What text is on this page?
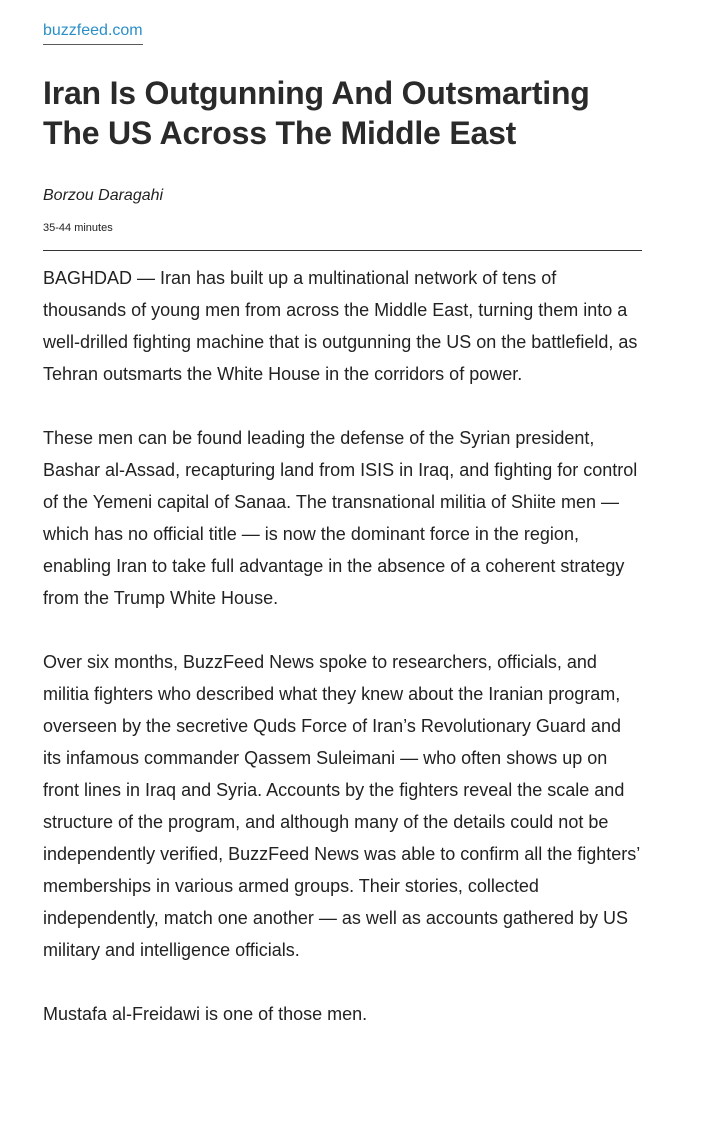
buzzfeed.com
Iran Is Outgunning And Outsmarting The US Across The Middle East
Borzou Daragahi
35-44 minutes

BAGHDAD — Iran has built up a multinational network of tens of thousands of young men from across the Middle East, turning them into a well-drilled fighting machine that is outgunning the US on the battlefield, as Tehran outsmarts the White House in the corridors of power.

These men can be found leading the defense of the Syrian president, Bashar al-Assad, recapturing land from ISIS in Iraq, and fighting for control of the Yemeni capital of Sanaa. The transnational militia of Shiite men — which has no official title — is now the dominant force in the region, enabling Iran to take full advantage in the absence of a coherent strategy from the Trump White House.

Over six months, BuzzFeed News spoke to researchers, officials, and militia fighters who described what they knew about the Iranian program, overseen by the secretive Quds Force of Iran’s Revolutionary Guard and its infamous commander Qassem Suleimani — who often shows up on front lines in Iraq and Syria. Accounts by the fighters reveal the scale and structure of the program, and although many of the details could not be independently verified, BuzzFeed News was able to confirm all the fighters’ memberships in various armed groups. Their stories, collected independently, match one another — as well as accounts gathered by US military and intelligence officials.

Mustafa al-Freidawi is one of those men.
